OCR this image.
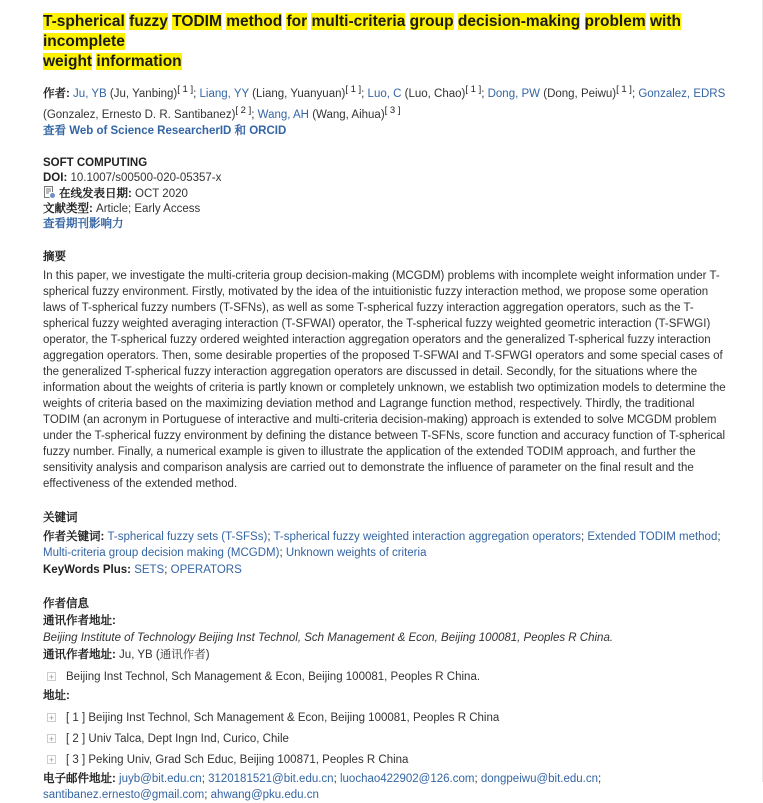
T-spherical fuzzy TODIM method for multi-criteria group decision-making problem with incomplete
weight information
作者: Ju, YB (Ju, Yanbing)[ 1 ]; Liang, YY (Liang, Yuanyuan)[ 1 ]; Luo, C (Luo, Chao)[ 1 ]; Dong, PW (Dong, Peiwu)[ 1 ]; Gonzalez, EDRS
(Gonzalez, Ernesto D. R. Santibanez)[ 2 ]; Wang, AH (Wang, Aihua)[ 3 ]
查看 Web of Science ResearcherID 和 ORCID
SOFT COMPUTING
DOI: 10.1007/s00500-020-05357-x
在线发表日期: OCT 2020
文献类型: Article; Early Access
查看期刊影响力
摘要
In this paper, we investigate the multi-criteria group decision-making (MCGDM) problems with incomplete weight information under T-spherical fuzzy environment. Firstly, motivated by the idea of the intuitionistic fuzzy interaction method, we propose some operation laws of T-spherical fuzzy numbers (T-SFNs), as well as some T-spherical fuzzy interaction aggregation operators, such as the T-spherical fuzzy weighted averaging interaction (T-SFWAI) operator, the T-spherical fuzzy weighted geometric interaction (T-SFWGI) operator, the T-spherical fuzzy ordered weighted interaction aggregation operators and the generalized T-spherical fuzzy interaction aggregation operators. Then, some desirable properties of the proposed T-SFWAI and T-SFWGI operators and some special cases of the generalized T-spherical fuzzy interaction aggregation operators are discussed in detail. Secondly, for the situations where the information about the weights of criteria is partly known or completely unknown, we establish two optimization models to determine the weights of criteria based on the maximizing deviation method and Lagrange function method, respectively. Thirdly, the traditional TODIM (an acronym in Portuguese of interactive and multi-criteria decision-making) approach is extended to solve MCGDM problem under the T-spherical fuzzy environment by defining the distance between T-SFNs, score function and accuracy function of T-spherical fuzzy number. Finally, a numerical example is given to illustrate the application of the extended TODIM approach, and further the sensitivity analysis and comparison analysis are carried out to demonstrate the influence of parameter on the final result and the effectiveness of the extended method.
关键词
作者关键词: T-spherical fuzzy sets (T-SFSs); T-spherical fuzzy weighted interaction aggregation operators; Extended TODIM method; Multi-criteria group decision making (MCGDM); Unknown weights of criteria
KeyWords Plus: SETS; OPERATORS
作者信息
通讯作者地址:
Beijing Institute of Technology Beijing Inst Technol, Sch Management & Econ, Beijing 100081, Peoples R China.
通讯作者地址: Ju, YB (通讯作者)
+ Beijing Inst Technol, Sch Management & Econ, Beijing 100081, Peoples R China.
地址:
+ [ 1 ]
Beijing Inst Technol, Sch Management & Econ, Beijing 100081, Peoples R China
+ [ 2 ]
Univ Talca, Dept Ingn Ind, Curico, Chile
+ [ 3 ]
Peking Univ, Grad Sch Educ, Beijing 100871, Peoples R China
电子邮件地址: juyb@bit.edu.cn; 3120181521@bit.edu.cn; luochao422902@126.com; dongpeiwu@bit.edu.cn;
santibanez.ernesto@gmail.com; ahwang@pku.edu.cn
